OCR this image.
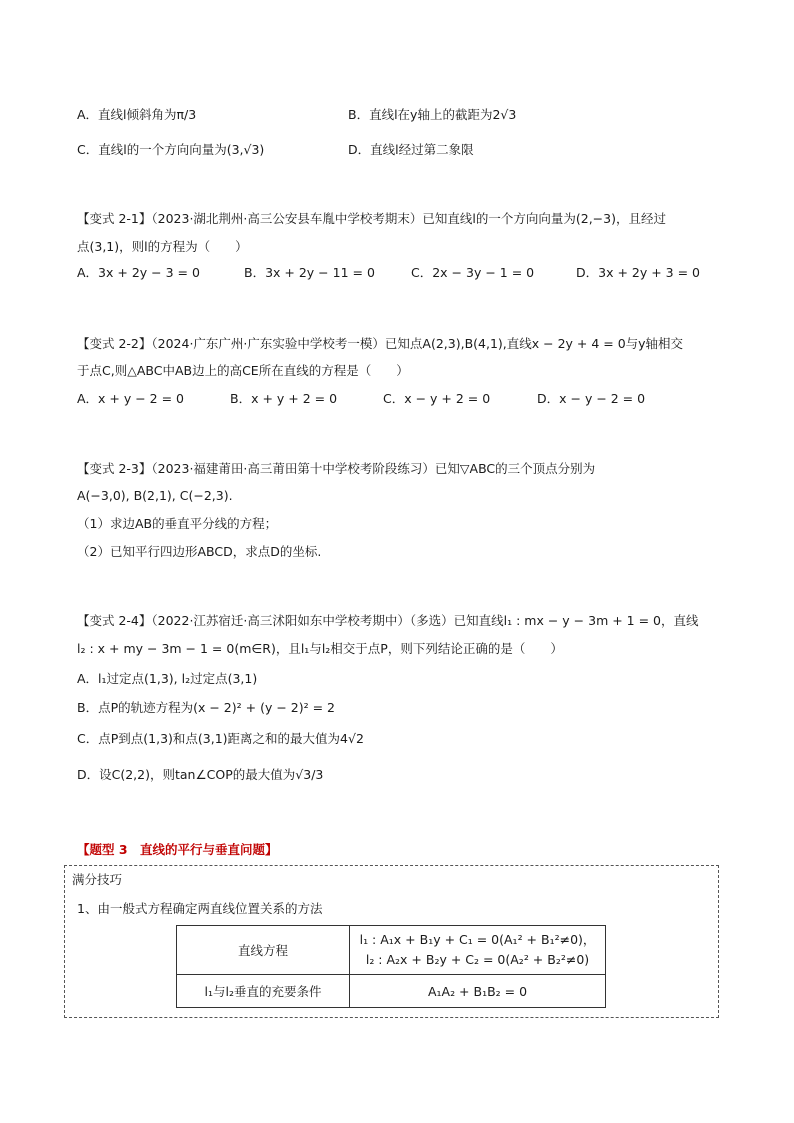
A．直线l倾斜角为π/3	B．直线l在y轴上的截距为2√3
C．直线l的一个方向向量为(3,√3)	D．直线l经过第二象限
【变式 2-1】（2023·湖北荆州·高三公安县车胤中学校考期末）已知直线l的一个方向向量为(2,−3)，且经过
点(3,1)，则l的方程为（　　）
A．3x + 2y − 3 = 0	B．3x + 2y − 11 = 0	C．2x − 3y − 1 = 0	D．3x + 2y + 3 = 0
【变式 2-2】（2024·广东广州·广东实验中学校考一模）已知点A(2,3),B(4,1),直线x − 2y + 4 = 0与y轴相交
于点C,则△ABC中AB边上的高CE所在直线的方程是（　　）
A．x + y − 2 = 0	B．x + y + 2 = 0	C．x − y + 2 = 0	D．x − y − 2 = 0
【变式 2-3】（2023·福建莆田·高三莆田第十中学校考阶段练习）已知▽ABC的三个顶点分别为
A(−3,0), B(2,1), C(−2,3).
（1）求边AB的垂直平分线的方程；
（2）已知平行四边形ABCD，求点D的坐标.
【变式 2-4】（2022·江苏宿迁·高三沭阳如东中学校考期中）（多选）已知直线l₁ : mx − y − 3m + 1 = 0，直线
l₂ : x + my − 3m − 1 = 0(m∈R)，且l₁与l₂相交于点P，则下列结论正确的是（　　）
A．l₁过定点(1,3), l₂过定点(3,1)
B．点P的轨迹方程为(x − 2)² + (y − 2)² = 2
C．点P到点(1,3)和点(3,1)距离之和的最大值为4√2
D．设C(2,2)，则tan∠COP的最大值为√3/3
【题型 3　直线的平行与垂直问题】
满分技巧
1、由一般式方程确定两直线位置关系的方法
直线方程	l₁ : A₁x + B₁y + C₁ = 0(A₁² + B₁²≠0)，
l₂ : A₂x + B₂y + C₂ = 0(A₂² + B₂²≠0)

l₁与l₂垂直的充要条件	A₁A₂ + B₁B₂ = 0
